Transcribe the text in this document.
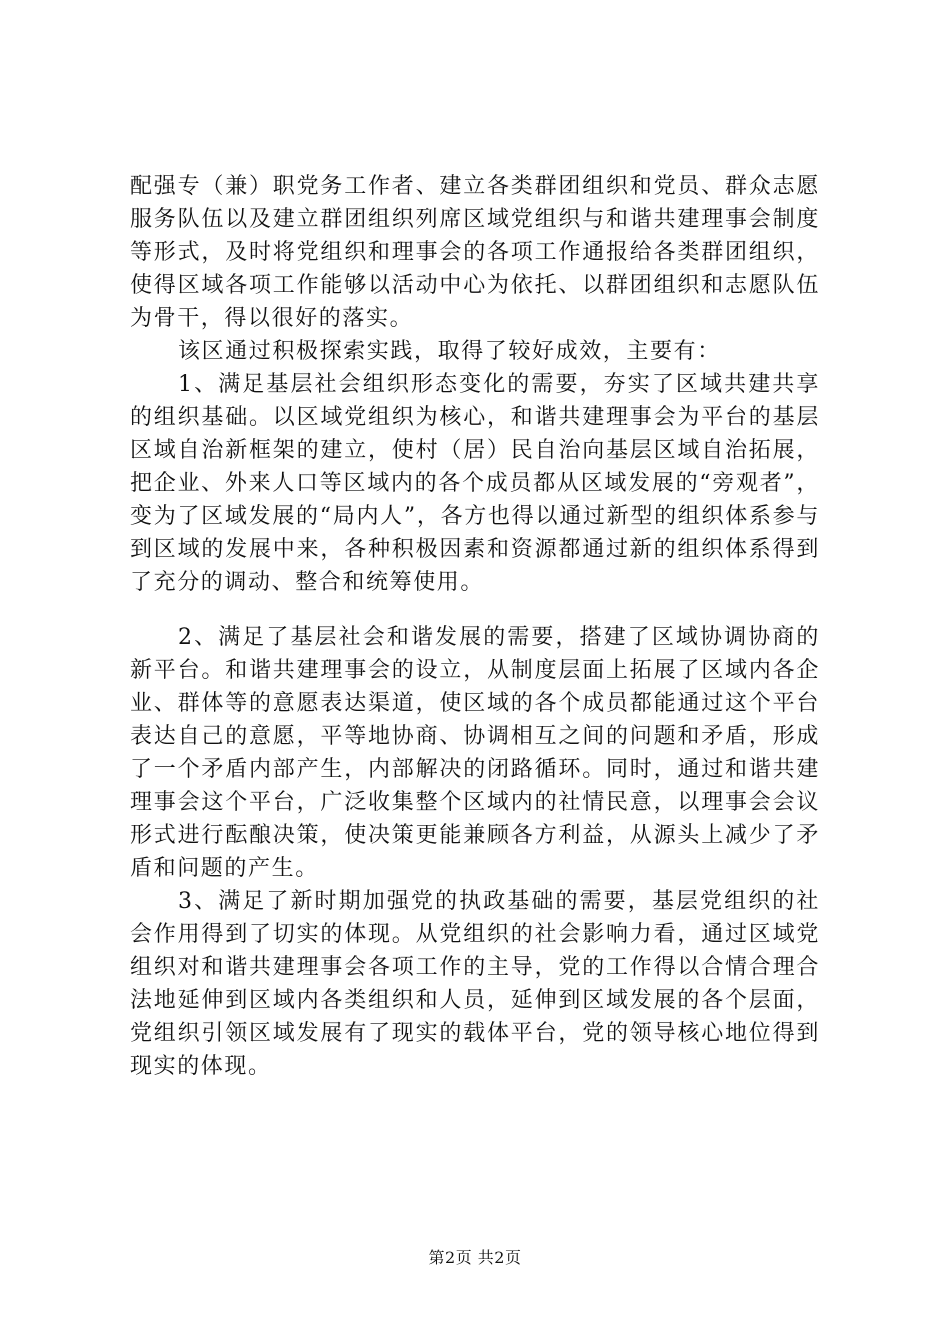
配强专（兼）职党务工作者、建立各类群团组织和党员、群众志愿服务队伍以及建立群团组织列席区域党组织与和谐共建理事会制度等形式，及时将党组织和理事会的各项工作通报给各类群团组织，使得区域各项工作能够以活动中心为依托、以群团组织和志愿队伍为骨干，得以很好的落实。

该区通过积极探索实践，取得了较好成效，主要有：

1、满足基层社会组织形态变化的需要，夯实了区域共建共享的组织基础。以区域党组织为核心，和谐共建理事会为平台的基层区域自治新框架的建立，使村（居）民自治向基层区域自治拓展，把企业、外来人口等区域内的各个成员都从区域发展的“旁观者”，变为了区域发展的“局内人”，各方也得以通过新型的组织体系参与到区域的发展中来，各种积极因素和资源都通过新的组织体系得到了充分的调动、整合和统筹使用。

2、满足了基层社会和谐发展的需要，搭建了区域协调协商的新平台。和谐共建理事会的设立，从制度层面上拓展了区域内各企业、群体等的意愿表达渠道，使区域的各个成员都能通过这个平台表达自己的意愿，平等地协商、协调相互之间的问题和矛盾，形成了一个矛盾内部产生，内部解决的闭路循环。同时，通过和谐共建理事会这个平台，广泛收集整个区域内的社情民意，以理事会会议形式进行酝酿决策，使决策更能兼顾各方利益，从源头上减少了矛盾和问题的产生。

3、满足了新时期加强党的执政基础的需要，基层党组织的社会作用得到了切实的体现。从党组织的社会影响力看，通过区域党组织对和谐共建理事会各项工作的主导，党的工作得以合情合理合法地延伸到区域内各类组织和人员，延伸到区域发展的各个层面，党组织引领区域发展有了现实的载体平台，党的领导核心地位得到现实的体现。

第2页 共2页
